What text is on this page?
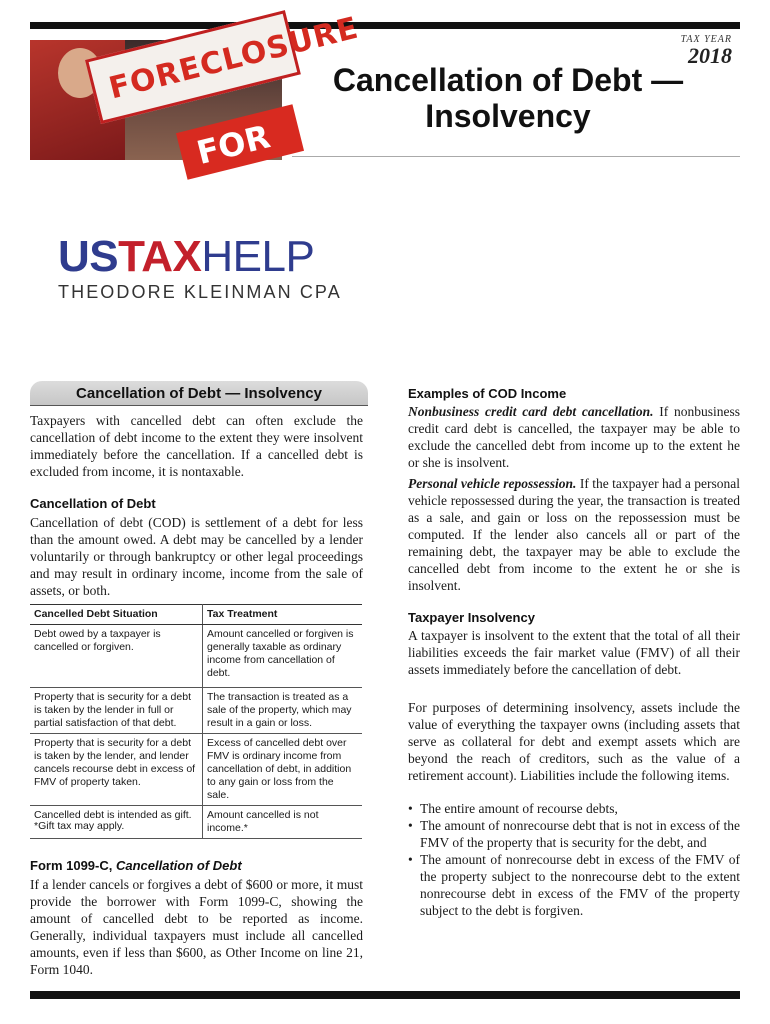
FORECLOSURE
FOR
TAX YEAR
2018
Cancellation of Debt — Insolvency
USTAXHELP
THEODORE KLEINMAN CPA
Cancellation of Debt — Insolvency

Taxpayers with cancelled debt can often exclude the cancellation of debt income to the extent they were insolvent immediately before the cancellation. If a cancelled debt is excluded from income, it is nontaxable.

Cancellation of Debt

Cancellation of debt (COD) is settlement of a debt for less than the amount owed. A debt may be cancelled by a lender voluntarily or through bankruptcy or other legal proceedings and may result in ordinary income, income from the sale of assets, or both.

Cancelled Debt Situation	Tax Treatment
Debt owed by a taxpayer is cancelled or forgiven.	Amount cancelled or forgiven is generally taxable as ordinary income from cancellation of debt.
Property that is security for a debt is taken by the lender in full or partial satisfaction of that debt.	The transaction is treated as a sale of the property, which may result in a gain or loss.
Property that is security for a debt is taken by the lender, and lender cancels recourse debt in excess of FMV of property taken.	Excess of cancelled debt over FMV is ordinary income from cancellation of debt, in addition to any gain or loss from the sale.
Cancelled debt is intended as gift.	Amount cancelled is not income.*
*Gift tax may apply.
Form 1099-C, Cancellation of Debt

If a lender cancels or forgives a debt of $600 or more, it must provide the borrower with Form 1099-C, showing the amount of cancelled debt to be reported as income. Generally, individual taxpayers must include all cancelled amounts, even if less than $600, as Other Income on line 21, Form 1040.

Examples of COD Income

Nonbusiness credit card debt cancellation. If nonbusiness credit card debt is cancelled, the taxpayer may be able to exclude the cancelled debt from income up to the extent he or she is insolvent.

Personal vehicle repossession. If the taxpayer had a personal vehicle repossessed during the year, the transaction is treated as a sale, and gain or loss on the repossession must be computed. If the lender also cancels all or part of the remaining debt, the taxpayer may be able to exclude the cancelled debt from income to the extent he or she is insolvent.

Taxpayer Insolvency

A taxpayer is insolvent to the extent that the total of all their liabilities exceeds the fair market value (FMV) of all their assets immediately before the cancellation of debt.

For purposes of determining insolvency, assets include the value of everything the taxpayer owns (including assets that serve as collateral for debt and exempt assets which are beyond the reach of creditors, such as the value of a retirement account). Liabilities include the following items.

• The entire amount of recourse debts,
• The amount of nonrecourse debt that is not in excess of the FMV of the property that is security for the debt, and
• The amount of nonrecourse debt in excess of the FMV of the property subject to the nonrecourse debt to the extent nonrecourse debt in excess of the FMV of the property subject to the debt is forgiven.
